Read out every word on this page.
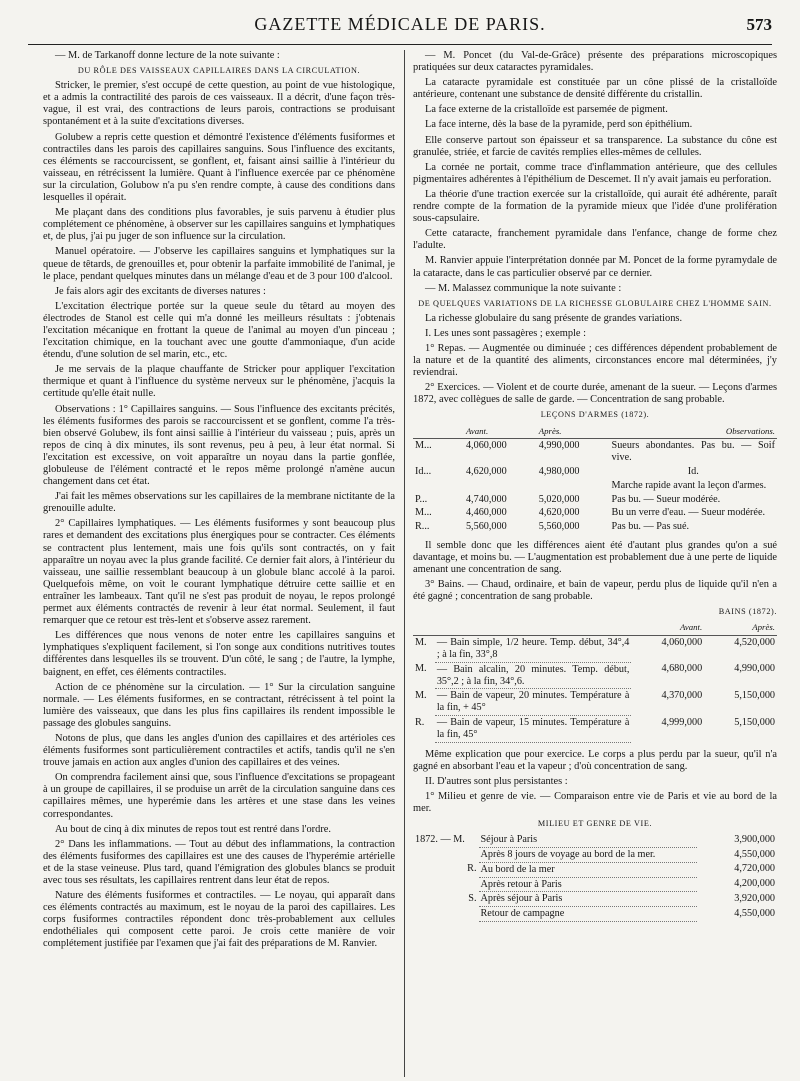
GAZETTE MÉDICALE DE PARIS.	573

— M. de Tarkanoff donne lecture de la note suivante :

DU RÔLE DES VAISSEAUX CAPILLAIRES DANS LA CIRCULATION.

Stricker, le premier, s'est occupé de cette question, au point de vue histologique, et a admis la contractilité des parois de ces vaisseaux. Il a décrit, d'une façon très-vague, il est vrai, des contractions de leurs parois, contractions se produisant spontanément et à la suite d'excitations diverses.

Golubew a repris cette question et démontré l'existence d'éléments fusiformes et contractiles dans les parois des capillaires sanguins. Sous l'influence des excitants, ces éléments se raccourcissent, se gonflent, et, faisant ainsi saillie à l'intérieur du vaisseau, en rétrécissent la lumière. Quant à l'influence exercée par ce phénomène sur la circulation, Golubow n'a pu s'en rendre compte, à cause des conditions dans lesquelles il opérait.

Me plaçant dans des conditions plus favorables, je suis parvenu à étudier plus complétement ce phénomène, à observer sur les capillaires sanguins et lymphatiques et, de plus, j'ai pu juger de son influence sur la circulation.

Manuel opératoire. — J'observe les capillaires sanguins et lymphatiques sur la queue de têtards, de grenouilles et, pour obtenir la parfaite immobilité de l'animal, je le place, pendant quelques minutes dans un mélange d'eau et de 3 pour 100 d'alcool.

Je fais alors agir des excitants de diverses natures :

L'excitation électrique portée sur la queue seule du têtard au moyen des électrodes de Stanol est celle qui m'a donné les meilleurs résultats : j'obtenais l'excitation mécanique en frottant la queue de l'animal au moyen d'un pinceau ; l'excitation chimique, en la touchant avec une goutte d'ammoniaque, d'un acide étendu, d'une solution de sel marin, etc., etc.

Je me servais de la plaque chauffante de Stricker pour appliquer l'excitation thermique et quant à l'influence du système nerveux sur le phénomène, j'acquis la certitude qu'elle était nulle.

Observations : 1° Capillaires sanguins. — Sous l'influence des excitants précités, les éléments fusiformes des parois se raccourcissent et se gonflent, comme l'a très-bien observé Golubew, ils font ainsi saillie à l'intérieur du vaisseau ; puis, après un repos de cinq à dix minutes, ils sont revenus, peu à peu, à leur état normal. Si l'excitation est excessive, on voit apparaître un noyau dans la partie gonflée, globuleuse de l'élément contracté et le repos même prolongé n'amène aucun changement dans cet état.

J'ai fait les mêmes observations sur les capillaires de la membrane nictitante de la grenouille adulte.

2° Capillaires lymphatiques. — Les éléments fusiformes y sont beaucoup plus rares et demandent des excitations plus énergiques pour se contracter. Ces éléments se contractent plus lentement, mais une fois qu'ils sont contractés, on y fait apparaître un noyau avec la plus grande facilité. Ce dernier fait alors, à l'intérieur du vaisseau, une saillie ressemblant beaucoup à un globule blanc accolé à la paroi. Quelquefois même, on voit le courant lymphatique détruire cette saillie et en entraîner les lambeaux. Tant qu'il ne s'est pas produit de noyau, le repos prolongé permet aux éléments contractés de revenir à leur état normal. Seulement, il faut remarquer que ce retour est très-lent et s'observe assez rarement.

Les différences que nous venons de noter entre les capillaires sanguins et lymphatiques s'expliquent facilement, si l'on songe aux conditions nutritives toutes différentes dans lesquelles ils se trouvent. D'un côté, le sang ; de l'autre, la lymphe, baignent, en effet, ces éléments contractiles.

Action de ce phénomène sur la circulation. — 1° Sur la circulation sanguine normale. — Les éléments fusiformes, en se contractant, rétrécissent à tel point la lumière des vaisseaux, que dans les plus fins capillaires ils rendent impossible le passage des globules sanguins.

Notons de plus, que dans les angles d'union des capillaires et des artérioles ces éléments fusiformes sont particulièrement contractiles et actifs, tandis qu'il ne s'en trouve jamais en action aux angles d'union des capillaires et des veines.

On comprendra facilement ainsi que, sous l'influence d'excitations se propageant à un groupe de capillaires, il se produise un arrêt de la circulation sanguine dans ces capillaires mêmes, une hyperémie dans les artères et une stase dans les veines correspondantes.

Au bout de cinq à dix minutes de repos tout est rentré dans l'ordre.

2° Dans les inflammations. — Tout au début des inflammations, la contraction des éléments fusiformes des capillaires est une des causes de l'hyperémie artérielle et de la stase veineuse. Plus tard, quand l'émigration des globules blancs se produit avec tous ses résultats, les capillaires rentrent dans leur état de repos.

Nature des éléments fusiformes et contractiles. — Le noyau, qui apparaît dans ces éléments contractés au maximum, est le noyau de la paroi des capillaires. Les corps fusiformes contractiles répondent donc très-probablement aux cellules endothéliales qui composent cette paroi. Je crois cette manière de voir complétement justifiée par l'examen que j'ai fait des préparations de M. Ranvier.

— M. Poncet (du Val-de-Grâce) présente des préparations microscopiques pratiquées sur deux cataractes pyramidales.

La cataracte pyramidale est constituée par un cône plissé de la cristalloïde antérieure, contenant une substance de densité différente du cristallin.

La face externe de la cristalloïde est parsemée de pigment.

La face interne, dès la base de la pyramide, perd son épithélium.

Elle conserve partout son épaisseur et sa transparence. La substance du cône est granulée, striée, et farcie de cavités remplies elles-mêmes de cellules.

La cornée ne portait, comme trace d'inflammation antérieure, que des cellules pigmentaires adhérentes à l'épithélium de Descemet. Il n'y avait jamais eu perforation.

La théorie d'une traction exercée sur la cristalloïde, qui aurait été adhérente, paraît rendre compte de la formation de la pyramide mieux que l'idée d'une prolifération sous-capsulaire.

Cette cataracte, franchement pyramidale dans l'enfance, change de forme chez l'adulte.

M. Ranvier appuie l'interprétation donnée par M. Poncet de la forme pyramydale de la cataracte, dans le cas particulier observé par ce dernier.

— M. Malassez communique la note suivante :

DE QUELQUES VARIATIONS DE LA RICHESSE GLOBULAIRE CHEZ L'HOMME SAIN.

La richesse globulaire du sang présente de grandes variations.

I. Les unes sont passagères ; exemple :

1° Repas. — Augmentée ou diminuée ; ces différences dépendent probablement de la nature et de la quantité des aliments, circonstances encore mal déterminées, j'y reviendrai.

2° Exercices. — Violent et de courte durée, amenant de la sueur. — Leçons d'armes 1872, avec collègues de salle de garde. — Concentration de sang probable.

LEÇONS D'ARMES (1872).

	Avant.	Après.	Observations.
M...	4,060,000	4,990,000	Sueurs abondantes. Pas bu. — Soif vive.
Id...	4,620,000	4,980,000	Id.
			Marche rapide avant la leçon d'armes.
P...	4,740,000	5,020,000	Pas bu. — Sueur modérée.
M...	4,460,000	4,620,000	Bu un verre d'eau. — Sueur modérée.
R...	5,560,000	5,560,000	Pas bu. — Pas sué.

Il semble donc que les différences aient été d'autant plus grandes qu'on a sué davantage, et moins bu. — L'augmentation est probablement due à une perte de liquide amenant une concentration de sang.

3° Bains. — Chaud, ordinaire, et bain de vapeur, perdu plus de liquide qu'il n'en a été gagné ; concentration de sang probable.

BAINS (1872).

		Avant.	Après.
M.	— Bain simple, 1/2 heure. Temp. début, 34°,4 ; à la fin, 33°,8	4,060,000	4,520,000
M.	— Bain alcalin, 20 minutes. Temp. début, 35°,2 ; à la fin, 34°,6.	4,680,000	4,990,000
M.	— Bain de vapeur, 20 minutes. Température à la fin, + 45°	4,370,000	5,150,000
R.	— Bain de vapeur, 15 minutes. Température à la fin, 45°	4,999,000	5,150,000

Même explication que pour exercice. Le corps a plus perdu par la sueur, qu'il n'a gagné en absorbant l'eau et la vapeur ; d'où concentration de sang.

II. D'autres sont plus persistantes :

1° Milieu et genre de vie. — Comparaison entre vie de Paris et vie au bord de la mer.

MILIEU ET GENRE DE VIE.

1872. — M.	Séjour à Paris	3,900,000
	Après 8 jours de voyage au bord de la mer.	4,550,000
R.	Au bord de la mer	4,720,000
	Après retour à Paris	4,200,000
S.	Après séjour à Paris	3,920,000
	Retour de campagne	4,550,000
